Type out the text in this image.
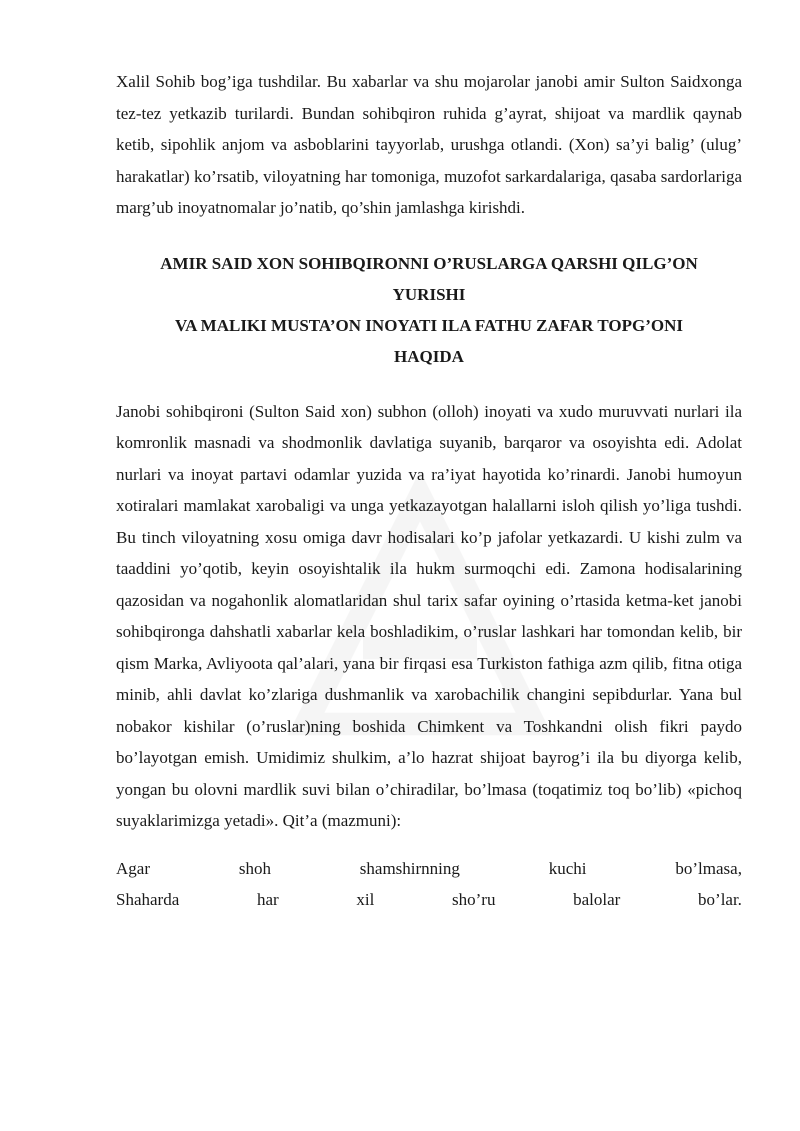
Xalil Sohib bog’iga tushdilar. Bu xabarlar va shu mojarolar janobi amir Sulton Saidxonga tez-tez yetkazib turilardi. Bundan sohibqiron ruhida g’ayrat, shijoat va mardlik qaynab ketib, sipohlik anjom va asboblarini tayyorlab, urushga otlandi. (Xon) sa’yi balig’ (ulug’ harakatlar) ko’rsatib, viloyatning har tomoniga, muzofot sarkardalariga, qasaba sardorlariga marg’ub inoyatnomalar jo’natib, qo’shin jamlashga kirishdi.

AMIR SAID XON SOHIBQIRONNI O’RUSLARGA QARSHI QILG’ON
YURISHI
VA MALIKI MUSTA’ON INOYATI ILA FATHU ZAFAR TOPG’ONI
HAQIDA

Janobi sohibqironi (Sulton Said xon) subhon (olloh) inoyati va xudo muruvvati nurlari ila komronlik masnadi va shodmonlik davlatiga suyanib, barqaror va osoyishta edi. Adolat nurlari va inoyat partavi odamlar yuzida va ra’iyat hayotida ko’rinardi. Janobi humoyun xotiralari mamlakat xarobaligi va unga yetkazayotgan halallarni isloh qilish yo’liga tushdi. Bu tinch viloyatning xosu omiga davr hodisalari ko’p jafolar yetkazardi. U kishi zulm va taaddini yo’qotib, keyin osoyishtalik ila hukm surmoqchi edi. Zamona hodisalarining qazosidan va nogahonlik alomatlaridan shul tarix safar oyining o’rtasida ketma-ket janobi sohibqironga dahshatli xabarlar kela boshladikim, o’ruslar lashkari har tomondan kelib, bir qism Marka, Avliyoota qal’alari, yana bir firqasi esa Turkiston fathiga azm qilib, fitna otiga minib, ahli davlat ko’zlariga dushmanlik va xarobachilik changini sepibdurlar. Yana bul nobakor kishilar (o’ruslar)ning boshida Chimkent va Toshkandni olish fikri paydo bo’layotgan emish. Umidimiz shulkim, a’lo hazrat shijoat bayrog’i ila bu diyorga kelib, yongan bu olovni mardlik suvi bilan o’chiradilar, bo’lmasa (toqatimiz toq bo’lib) «pichoq suyaklarimizga yetadi». Qit’a (mazmuni):

Agar	shoh	shamshirnning	kuchi	bo’lmasa,
Shaharda	har	xil	sho’ru	balolar	bo’lar.
